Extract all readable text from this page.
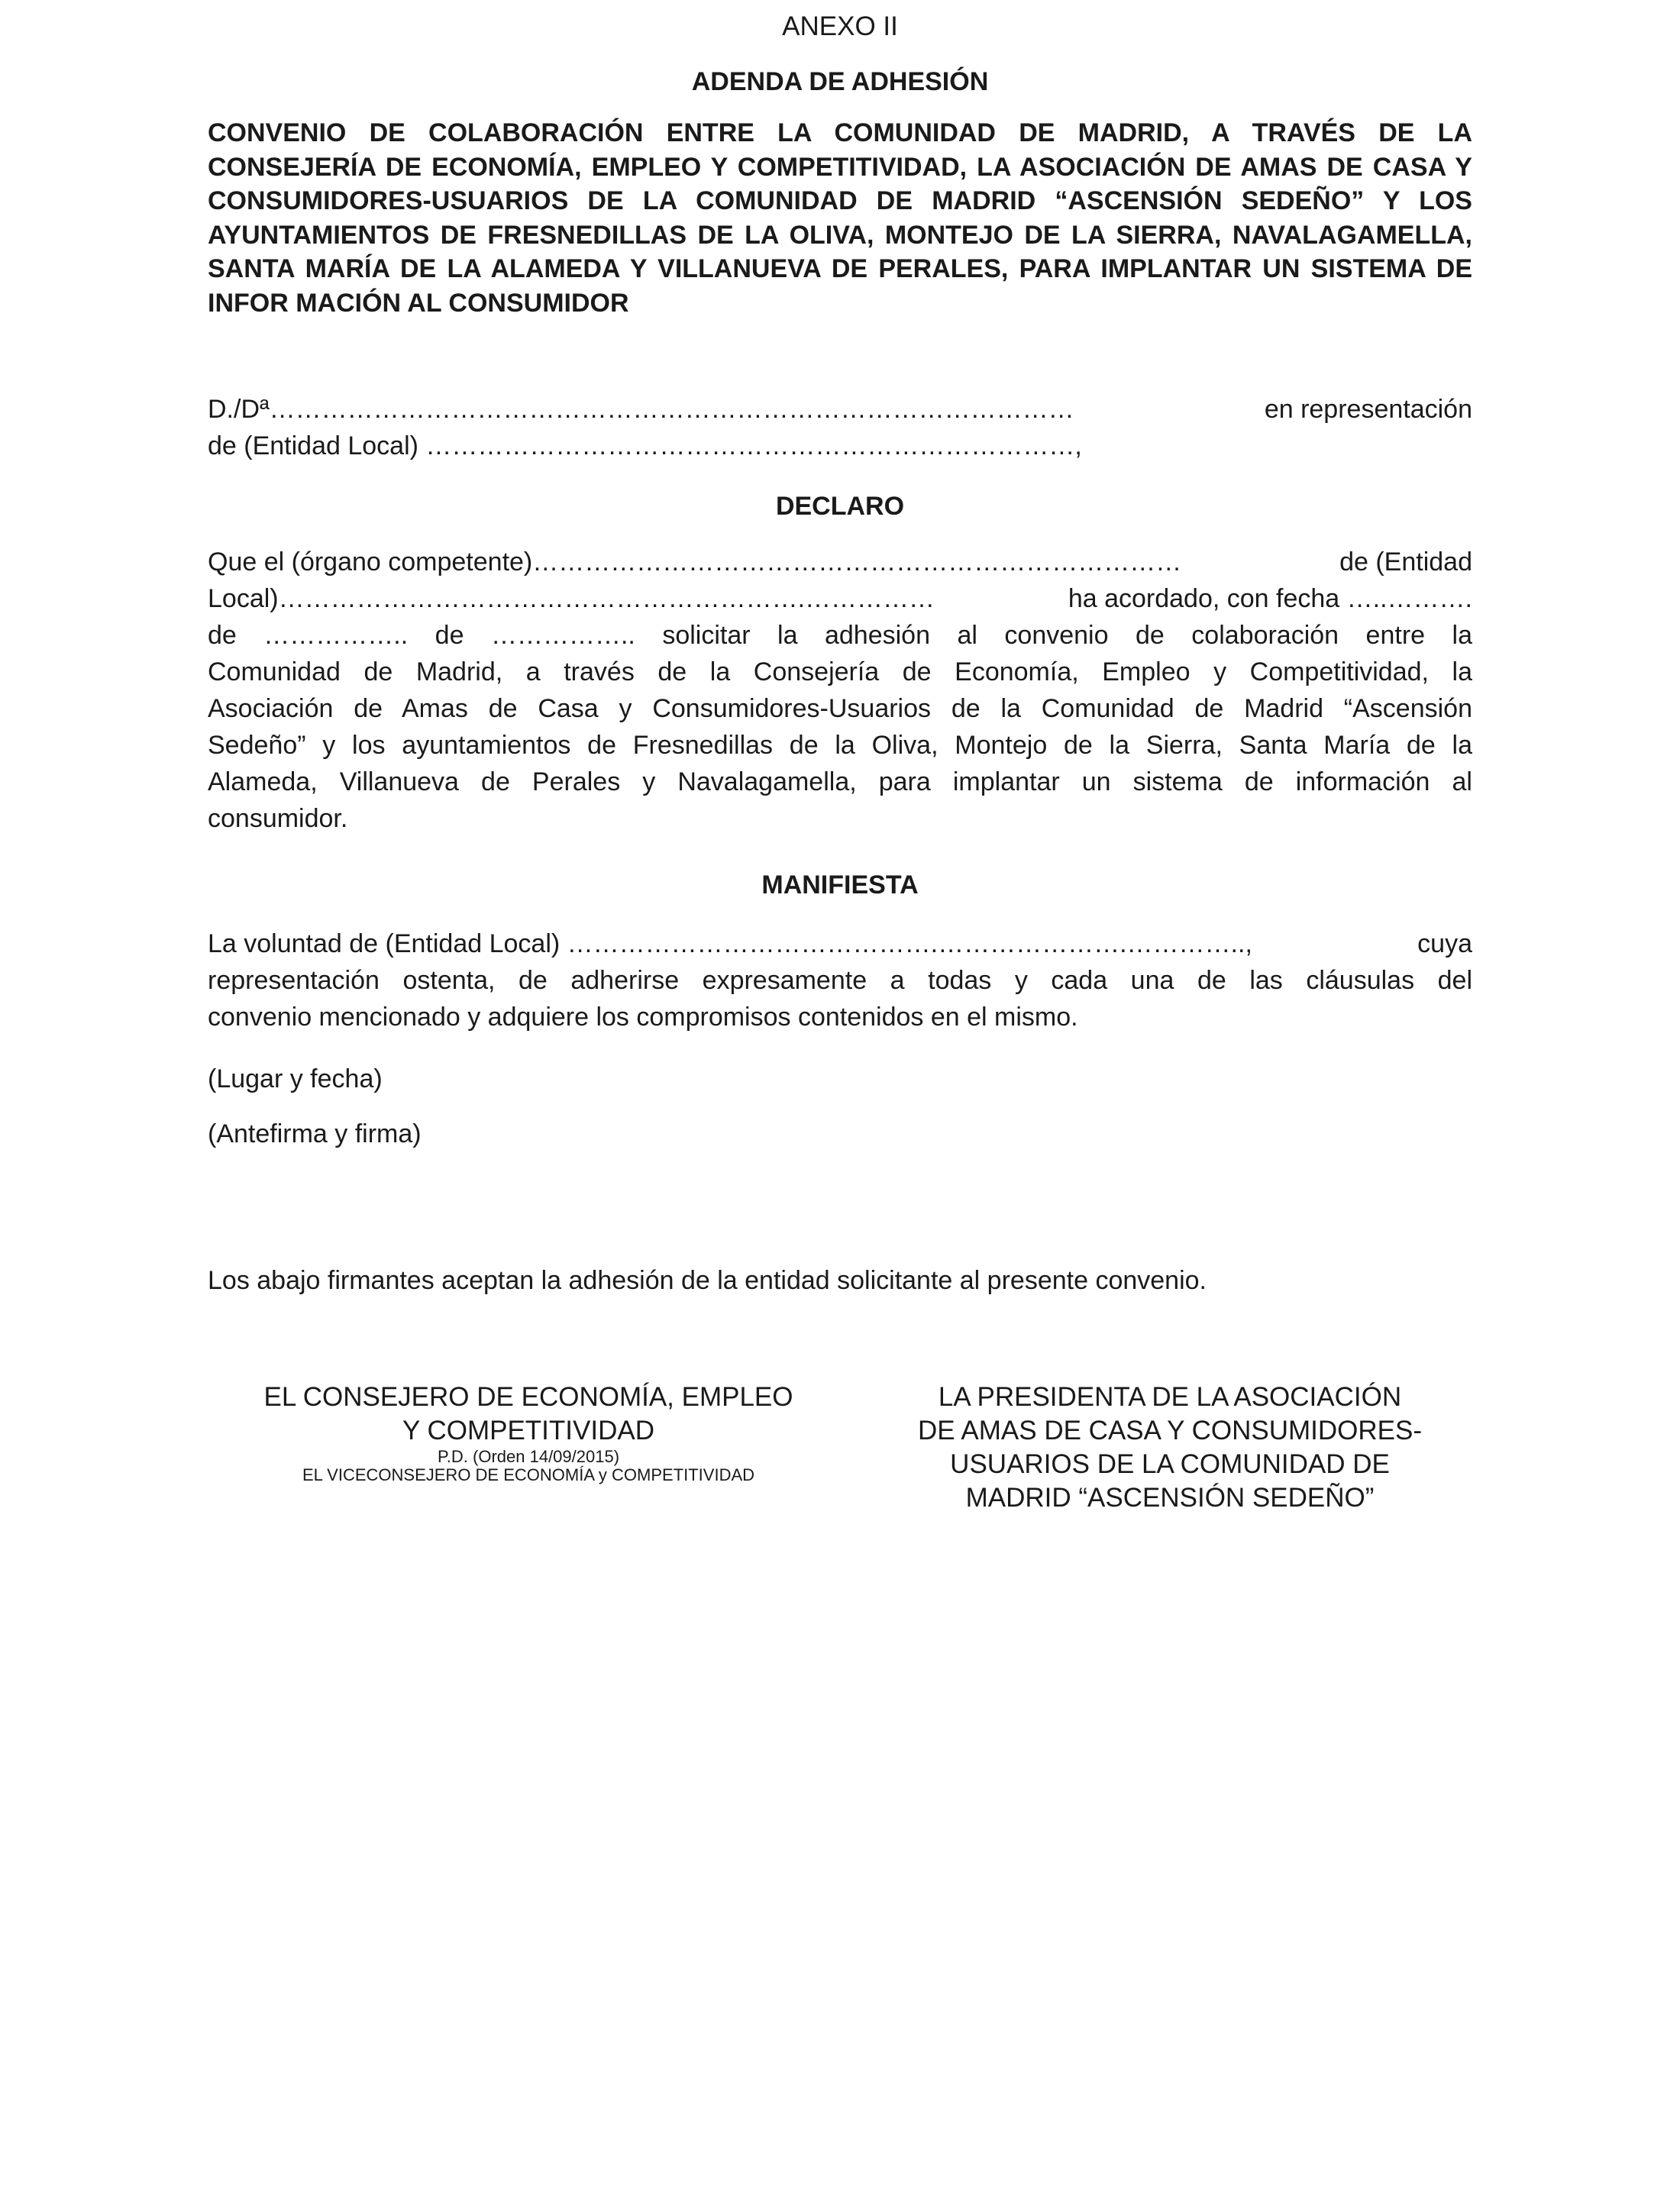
ANEXO II
ADENDA DE ADHESIÓN
CONVENIO DE COLABORACIÓN ENTRE LA COMUNIDAD DE MADRID, A TRAVÉS DE LA CONSEJERÍA DE ECONOMÍA, EMPLEO Y COMPETITIVIDAD, LA ASOCIACIÓN DE AMAS DE CASA Y CONSUMIDORES-USUARIOS DE LA COMUNIDAD DE MADRID “ASCENSIÓN SEDEÑO” Y LOS AYUNTAMIENTOS DE FRESNEDILLAS DE LA OLIVA, MONTEJO DE LA SIERRA, NAVALAGAMELLA, SANTA MARÍA DE LA ALAMEDA Y VILLANUEVA DE PERALES, PARA IMPLANTAR UN SISTEMA DE INFOR MACIÓN AL CONSUMIDOR
D./Dª…………………………………………………………………………………	en representación
de (Entidad Local) …………………………………………………………………,
DECLARO
Que el (órgano competente)…………………………………………………………………	de (Entidad
Local)…………………………………………………….……………	ha acordado, con fecha …..……….
de …………….. de …………….. solicitar la adhesión al convenio de colaboración entre la
Comunidad de Madrid, a través de la Consejería de Economía, Empleo y Competitividad, la
Asociación de Amas de Casa y Consumidores-Usuarios de la Comunidad de Madrid “Ascensión
Sedeño” y los ayuntamientos de Fresnedillas de la Oliva, Montejo de la Sierra, Santa María de la
Alameda, Villanueva de Perales y Navalagamella, para implantar un sistema de información al
consumidor.
MANIFIESTA
La voluntad de (Entidad Local) …………………………………….………………….…………..,	cuya
representación ostenta, de adherirse expresamente a todas y cada una de las cláusulas del
convenio mencionado y adquiere los compromisos contenidos en el mismo.
(Lugar y fecha)
(Antefirma y firma)
Los abajo firmantes aceptan la adhesión de la entidad solicitante al presente convenio.
EL CONSEJERO DE ECONOMÍA, EMPLEO
Y COMPETITIVIDAD
P.D. (Orden 14/09/2015)
EL VICECONSEJERO DE ECONOMÍA y COMPETITIVIDAD
LA PRESIDENTA DE LA ASOCIACIÓN
DE AMAS DE CASA Y CONSUMIDORES-
USUARIOS DE LA COMUNIDAD DE
MADRID “ASCENSIÓN SEDEÑO”
